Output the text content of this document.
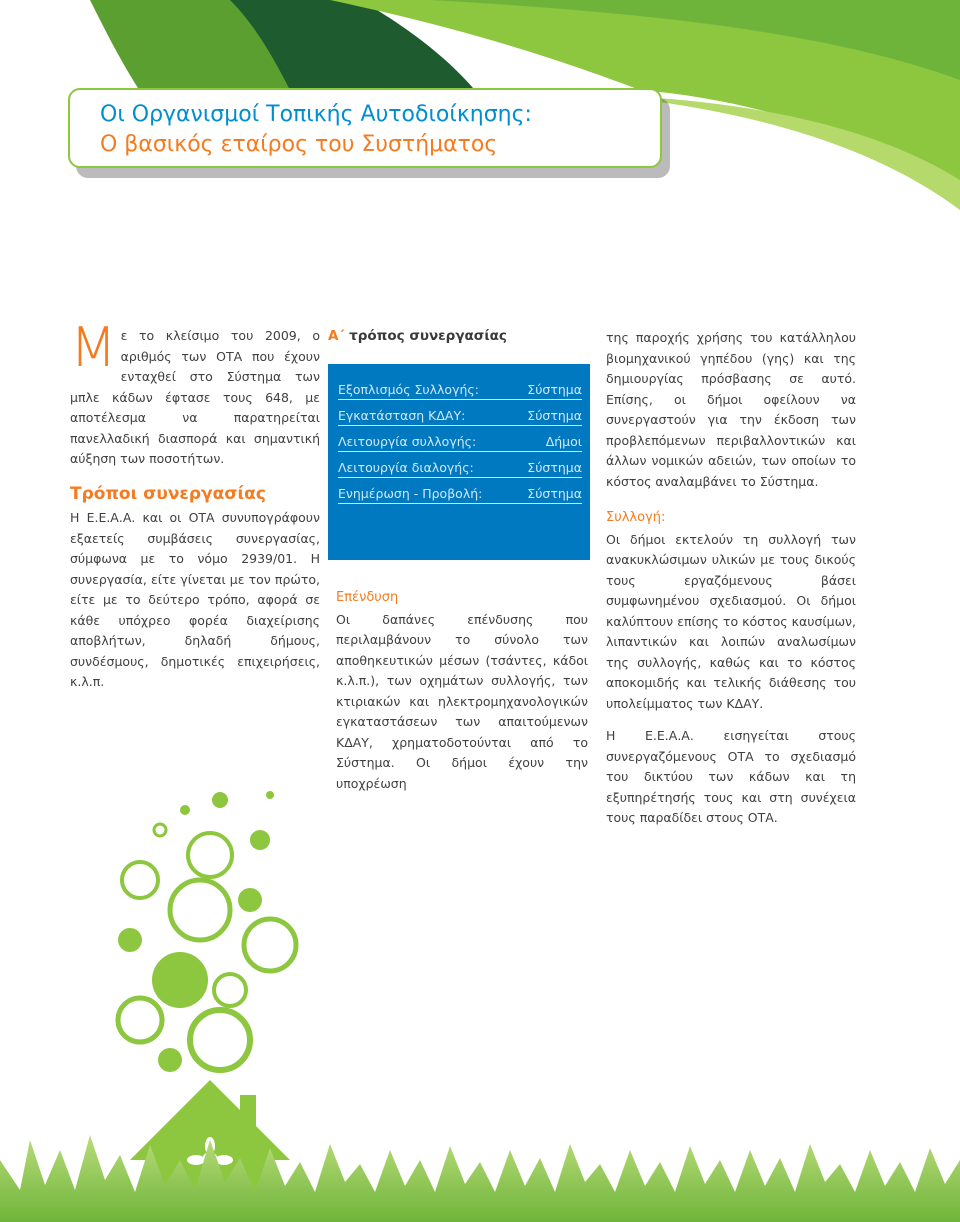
Οι Οργανισμοί Τοπικής Αυτοδιοίκησης:
Ο βασικός εταίρος του Συστήματος

Μ ε το κλείσιμο του 2009, ο αριθμός των ΟΤΑ που έχουν ενταχθεί στο Σύστημα των μπλε κάδων έφτασε τους 648, με αποτέλεσμα να παρατηρείται πανελλαδική διασπορά και σημαντική αύξηση των ποσοτήτων.

Τρόποι συνεργασίας

Η Ε.Ε.Α.Α. και οι ΟΤΑ συνυπογράφουν εξαετείς συμβάσεις συνεργασίας, σύμφωνα με το νόμο 2939/01. Η συνεργασία, είτε γίνεται με τον πρώτο, είτε με το δεύτερο τρόπο, αφορά σε κάθε υπόχρεο φορέα διαχείρισης αποβλήτων, δηλαδή δήμους, συνδέσμους, δημοτικές επιχειρήσεις, κ.λ.π.

Α΄ τρόπος συνεργασίας
Εξοπλισμός Συλλογής:	Σύστημα
Εγκατάσταση ΚΔΑΥ:	Σύστημα
Λειτουργία συλλογής:	Δήμοι
Λειτουργία διαλογής:	Σύστημα
Ενημέρωση - Προβολή:	Σύστημα
Επένδυση

Οι δαπάνες επένδυσης που περιλαμβάνουν το σύνολο των αποθηκευτικών μέσων (τσάντες, κάδοι κ.λ.π.), των οχημάτων συλλογής, των κτιριακών και ηλεκτρομηχανολογικών εγκαταστάσεων των απαιτούμενων ΚΔΑΥ, χρηματοδοτούνται από το Σύστημα. Οι δήμοι έχουν την υποχρέωση

της παροχής χρήσης του κατάλληλου βιομηχανικού γηπέδου (γης) και της δημιουργίας πρόσβασης σε αυτό. Επίσης, οι δήμοι οφείλουν να συνεργαστούν για την έκδοση των προβλεπόμενων περιβαλλοντικών και άλλων νομικών αδειών, των οποίων το κόστος αναλαμβάνει το Σύστημα.

Συλλογή:

Οι δήμοι εκτελούν τη συλλογή των ανακυκλώσιμων υλικών με τους δικούς τους εργαζόμενους βάσει συμφωνημένου σχεδιασμού. Οι δήμοι καλύπτουν επίσης το κόστος καυσίμων, λιπαντικών και λοιπών αναλωσίμων της συλλογής, καθώς και το κόστος αποκομιδής και τελικής διάθεσης του υπολείμματος των ΚΔΑΥ.

Η Ε.Ε.Α.Α. εισηγείται στους συνεργαζόμενους ΟΤΑ το σχεδιασμό του δικτύου των κάδων και τη εξυπηρέτησής τους και στη συνέχεια τους παραδίδει στους ΟΤΑ.
